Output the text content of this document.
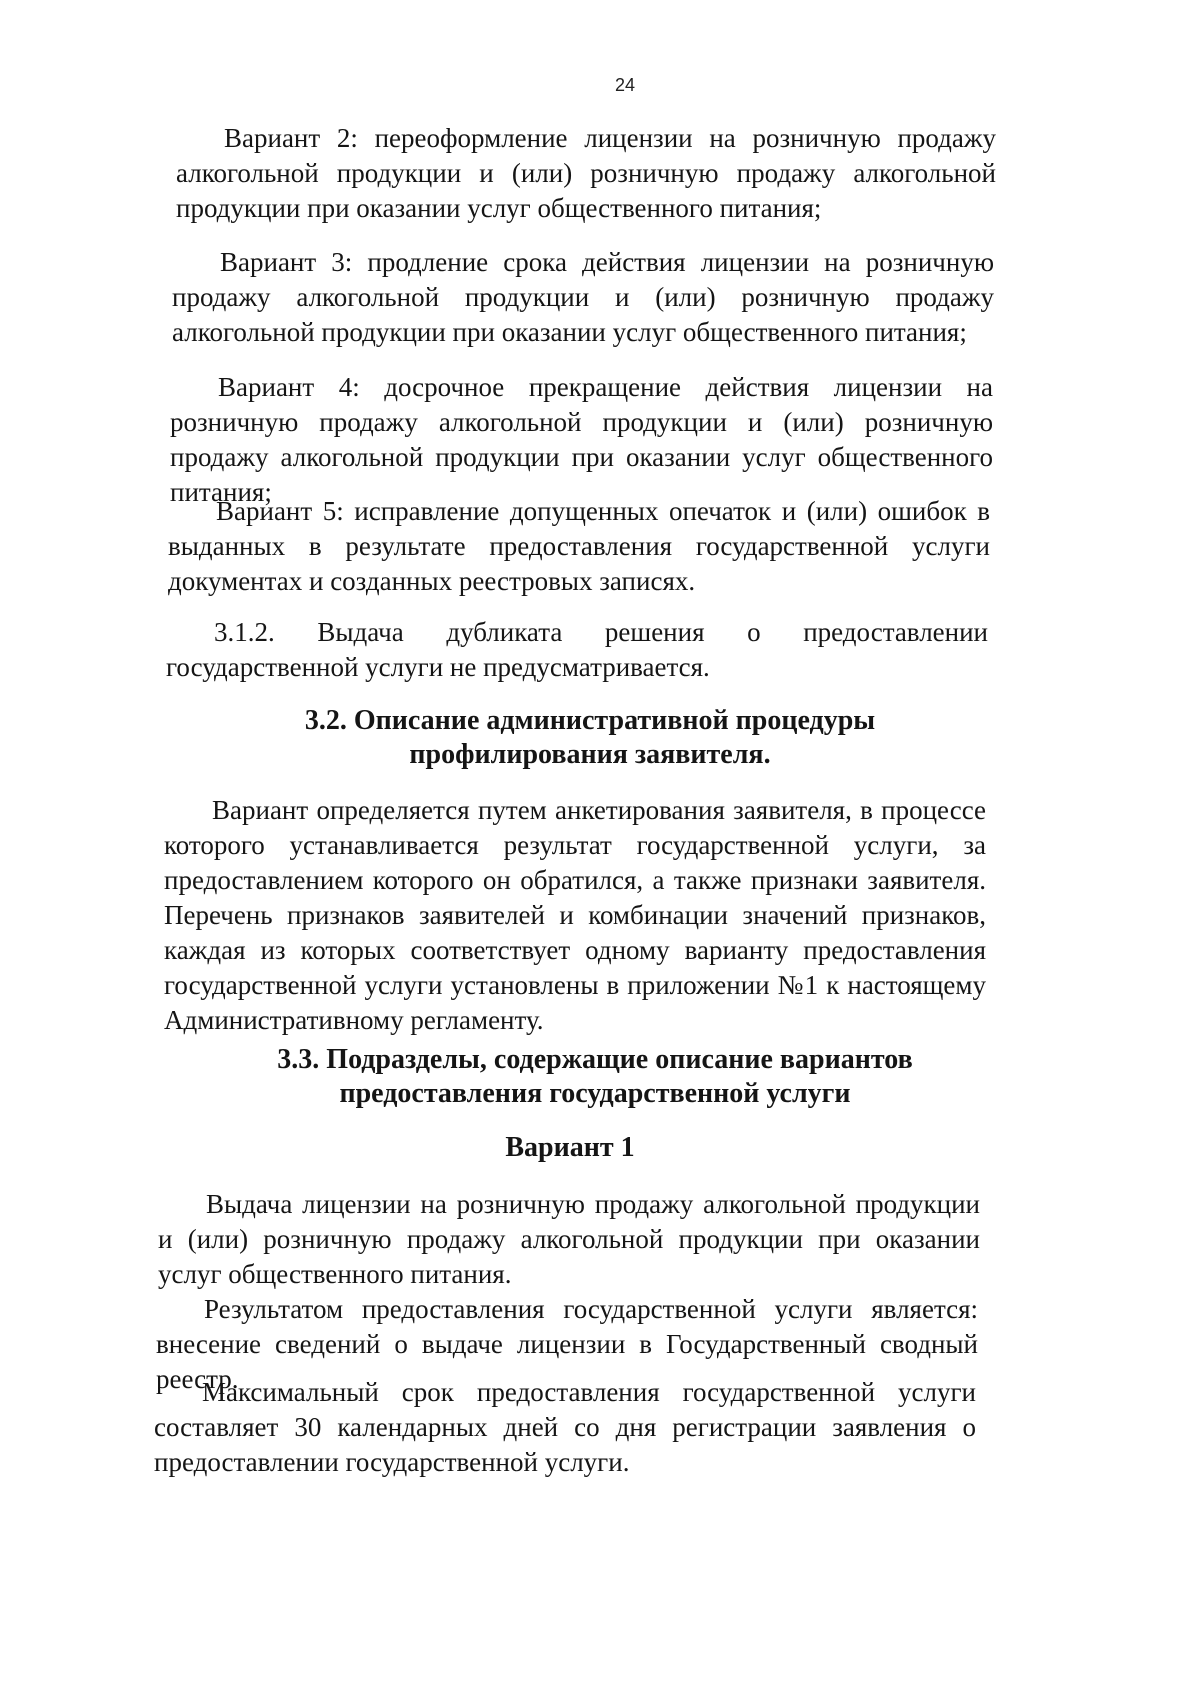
24

Вариант 2: переоформление лицензии на розничную продажу алкогольной продукции и (или) розничную продажу алкогольной продукции при оказании услуг общественного питания;

Вариант 3: продление срока действия лицензии на розничную продажу алкогольной продукции и (или) розничную продажу алкогольной продукции при оказании услуг общественного питания;

Вариант 4: досрочное прекращение действия лицензии на розничную продажу алкогольной продукции и (или) розничную продажу алкогольной продукции при оказании услуг общественного питания;

Вариант 5: исправление допущенных опечаток и (или) ошибок в выданных в результате предоставления государственной услуги документах и созданных реестровых записях.

3.1.2. Выдача дубликата решения о предоставлении государственной услуги не предусматривается.

3.2. Описание административной процедуры профилирования заявителя.

Вариант определяется путем анкетирования заявителя, в процессе которого устанавливается результат государственной услуги, за предоставлением которого он обратился, а также признаки заявителя. Перечень признаков заявителей и комбинации значений признаков, каждая из которых соответствует одному варианту предоставления государственной услуги установлены в приложении №1 к настоящему Административному регламенту.

3.3. Подразделы, содержащие описание вариантов предоставления государственной услуги
Вариант 1

Выдача лицензии на розничную продажу алкогольной продукции и (или) розничную продажу алкогольной продукции при оказании услуг общественного питания.

Результатом предоставления государственной услуги является: внесение сведений о выдаче лицензии в Государственный сводный реестр.

Максимальный срок предоставления государственной услуги составляет 30 календарных дней со дня регистрации заявления о предоставлении государственной услуги.
